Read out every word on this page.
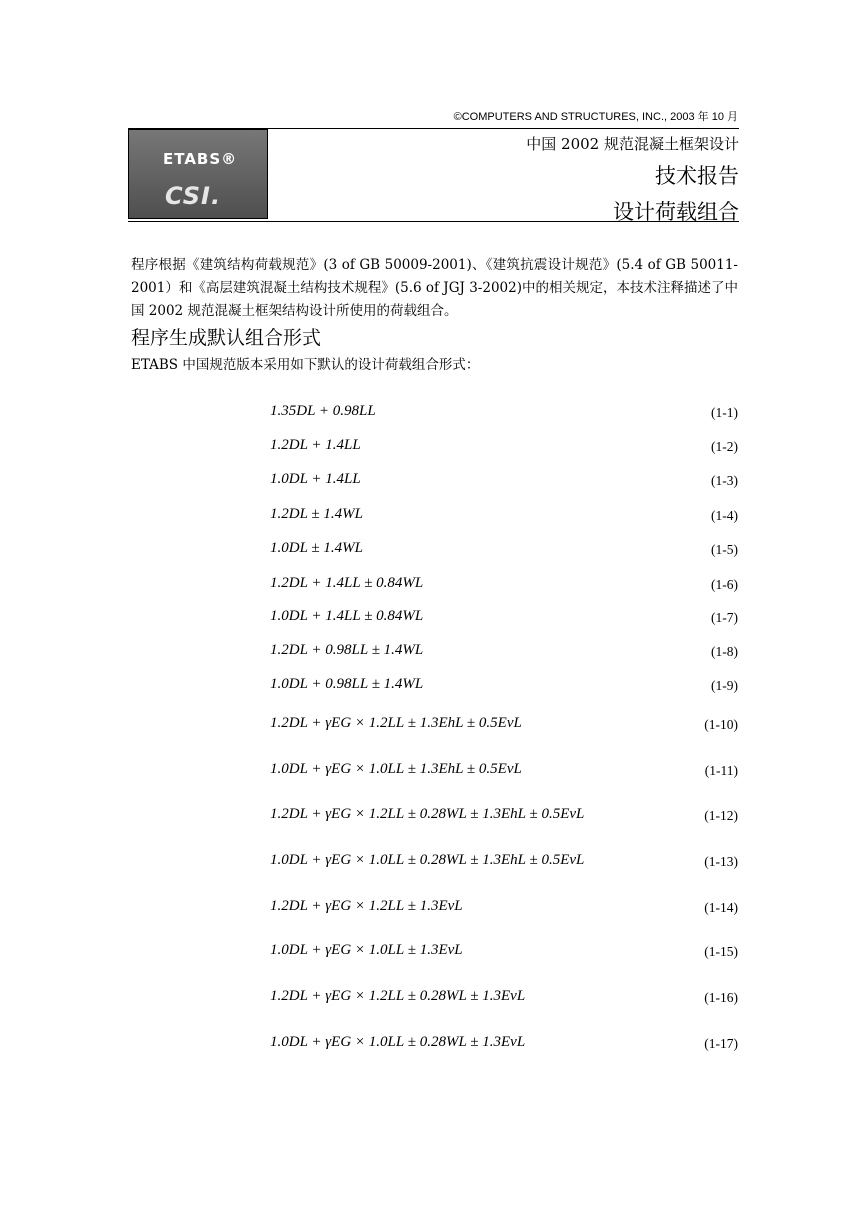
©COMPUTERS AND STRUCTURES, INC., 2003 年 10 月
ETABS®
CSI.
中国 2002 规范混凝土框架设计
技术报告
设计荷载组合
程序根据《建筑结构荷载规范》(3 of GB 50009-2001)、《建筑抗震设计规范》(5.4 of GB 50011-2001）和《高层建筑混凝土结构技术规程》(5.6 of JGJ 3-2002)中的相关规定，本技术注释描述了中国 2002 规范混凝土框架结构设计所使用的荷载组合。
程序生成默认组合形式
ETABS 中国规范版本采用如下默认的设计荷载组合形式：
1.35DL + 0.98LL	(1-1)
1.2DL + 1.4LL	(1-2)
1.0DL + 1.4LL	(1-3)
1.2DL ± 1.4WL	(1-4)
1.0DL ± 1.4WL	(1-5)
1.2DL + 1.4LL ± 0.84WL	(1-6)
1.0DL + 1.4LL ± 0.84WL	(1-7)
1.2DL + 0.98LL ± 1.4WL	(1-8)
1.0DL + 0.98LL ± 1.4WL	(1-9)
1.2DL + γEG × 1.2LL ± 1.3EhL ± 0.5EvL	(1-10)
1.0DL + γEG × 1.0LL ± 1.3EhL ± 0.5EvL	(1-11)
1.2DL + γEG × 1.2LL ± 0.28WL ± 1.3EhL ± 0.5EvL	(1-12)
1.0DL + γEG × 1.0LL ± 0.28WL ± 1.3EhL ± 0.5EvL	(1-13)
1.2DL + γEG × 1.2LL ± 1.3EvL	(1-14)
1.0DL + γEG × 1.0LL ± 1.3EvL	(1-15)
1.2DL + γEG × 1.2LL ± 0.28WL ± 1.3EvL	(1-16)
1.0DL + γEG × 1.0LL ± 0.28WL ± 1.3EvL	(1-17)
